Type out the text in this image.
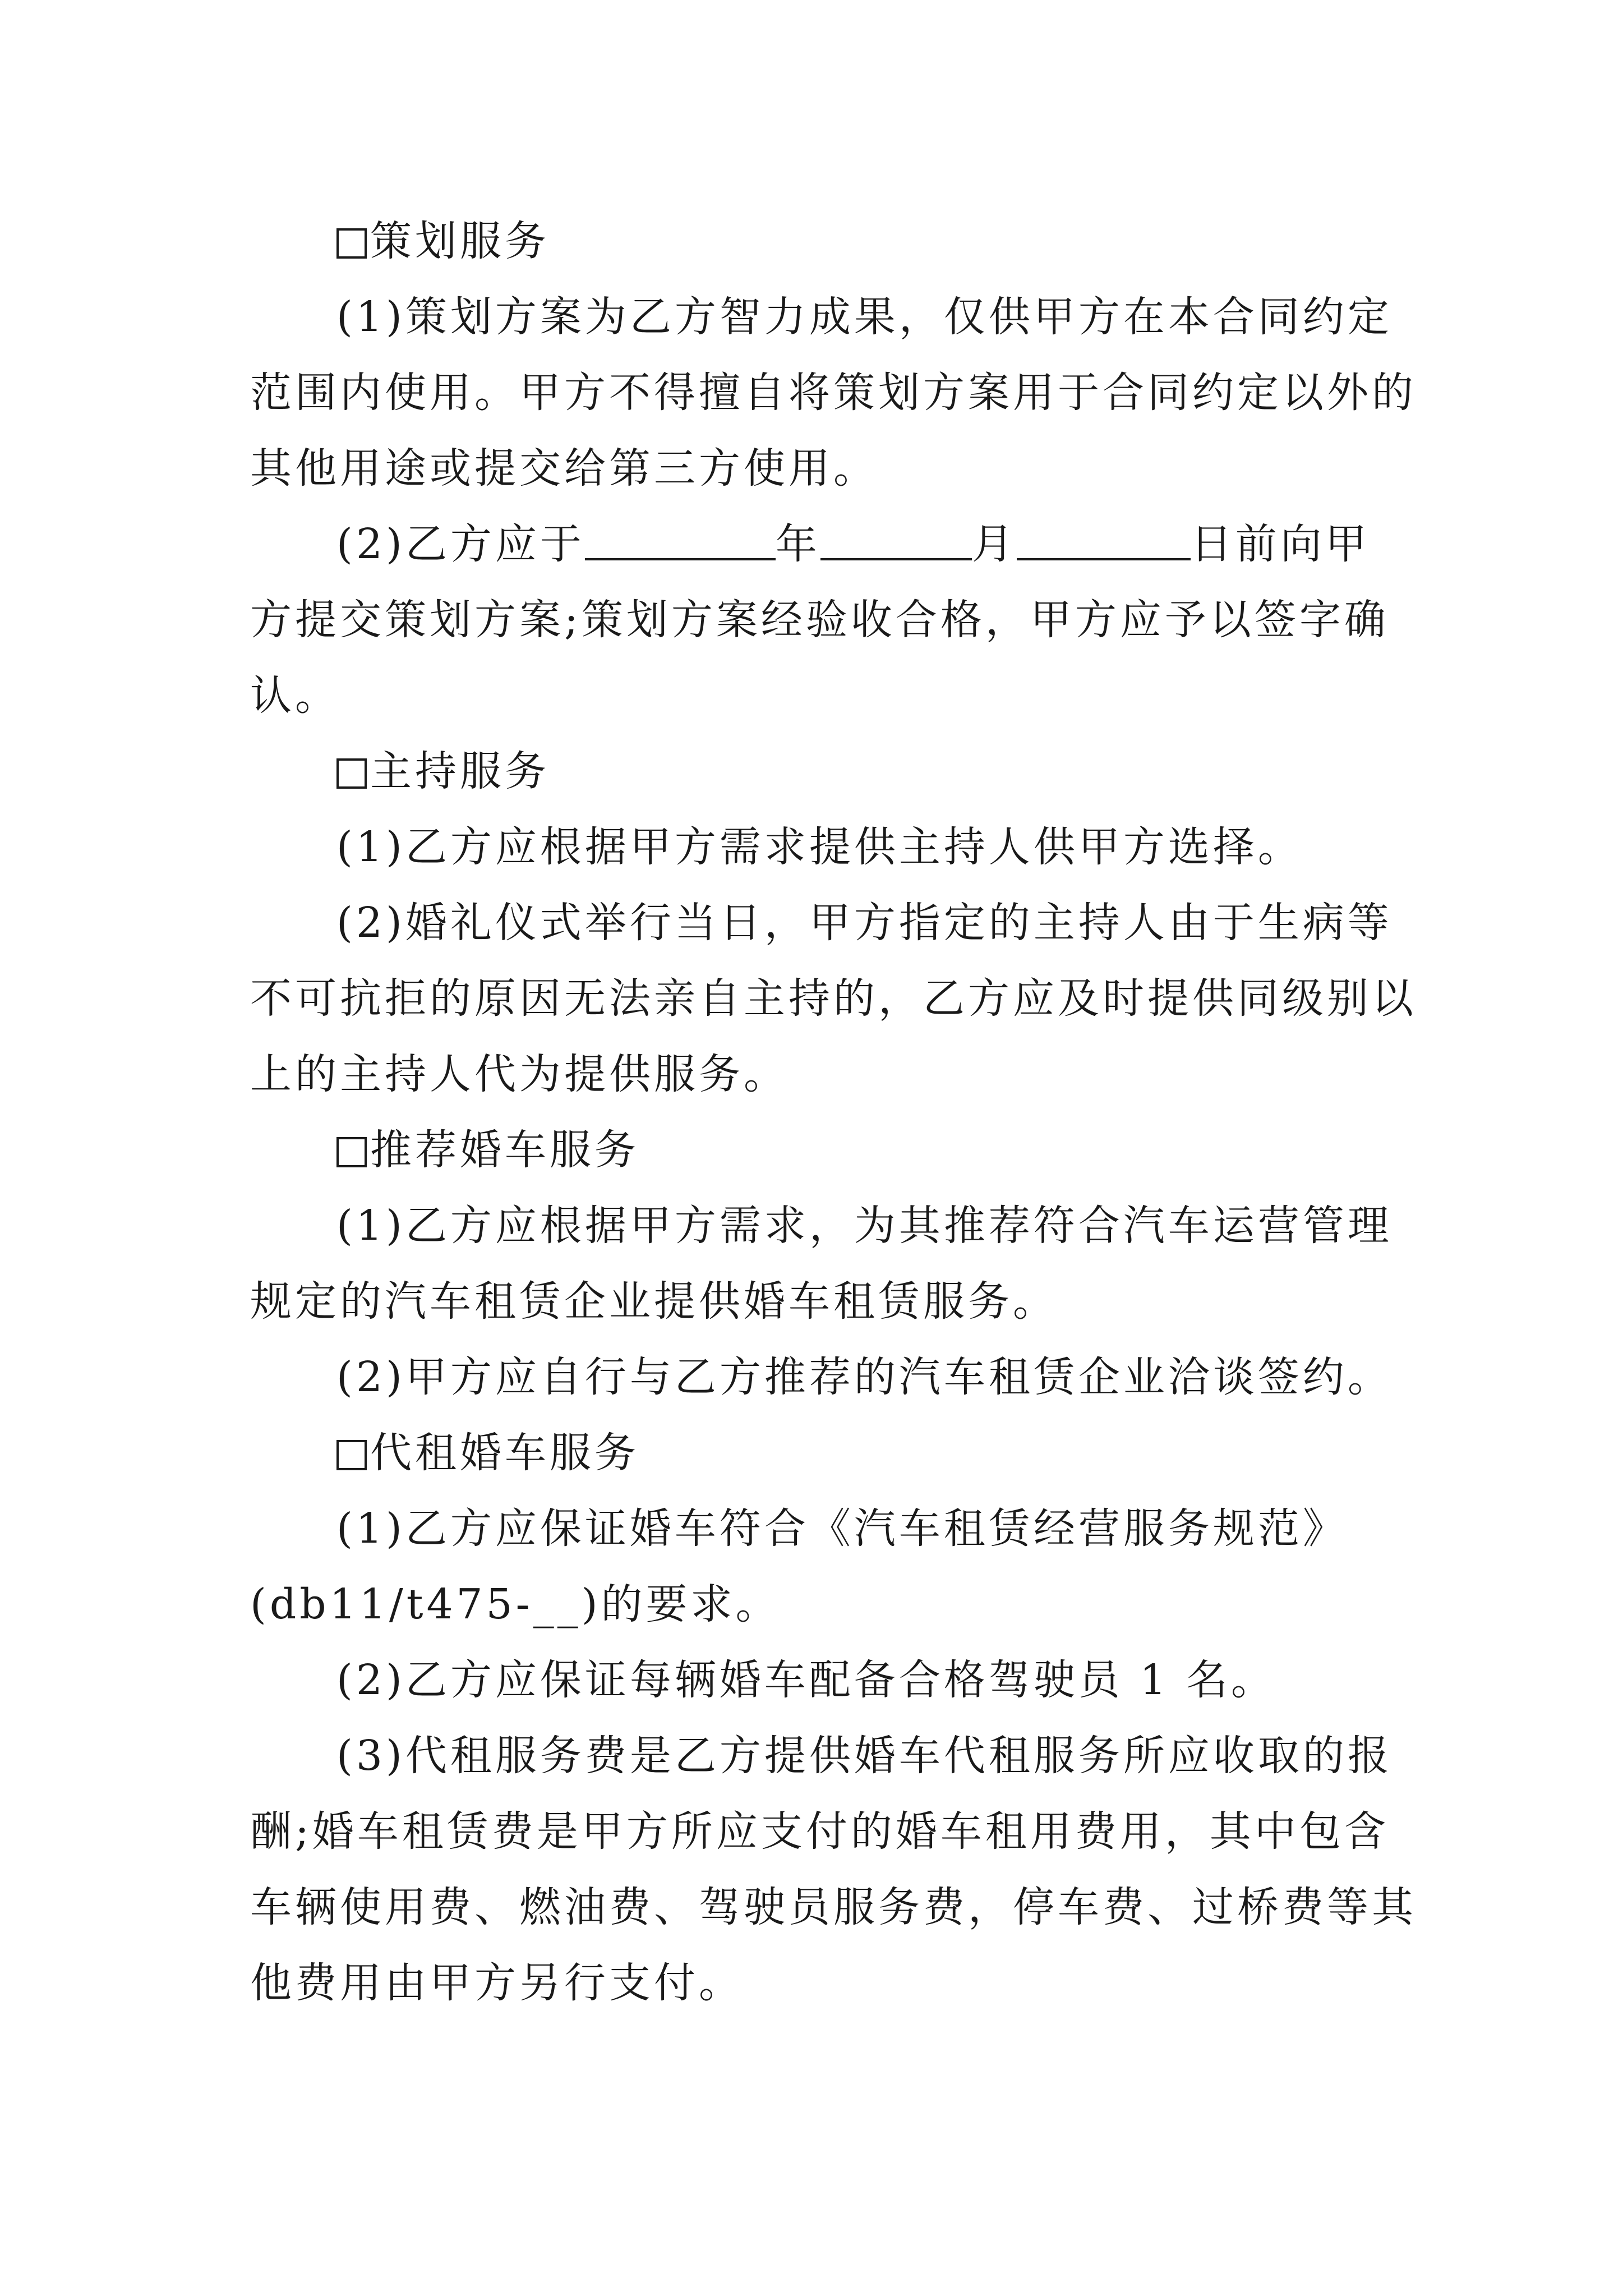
策划服务
(1)策划方案为乙方智力成果，仅供甲方在本合同约定
范围内使用。甲方不得擅自将策划方案用于合同约定以外的
其他用途或提交给第三方使用。
(2)乙方应于	年	月	日前向甲
方提交策划方案;策划方案经验收合格，甲方应予以签字确
认。
主持服务
(1)乙方应根据甲方需求提供主持人供甲方选择。
(2)婚礼仪式举行当日，甲方指定的主持人由于生病等
不可抗拒的原因无法亲自主持的，乙方应及时提供同级别以
上的主持人代为提供服务。
推荐婚车服务
(1)乙方应根据甲方需求，为其推荐符合汽车运营管理
规定的汽车租赁企业提供婚车租赁服务。
(2)甲方应自行与乙方推荐的汽车租赁企业洽谈签约。
代租婚车服务
(1)乙方应保证婚车符合《汽车租赁经营服务规范》
(db11/t475-__)的要求。
(2)乙方应保证每辆婚车配备合格驾驶员 1 名。
(3)代租服务费是乙方提供婚车代租服务所应收取的报
酬;婚车租赁费是甲方所应支付的婚车租用费用，其中包含
车辆使用费、燃油费、驾驶员服务费，停车费、过桥费等其
他费用由甲方另行支付。
